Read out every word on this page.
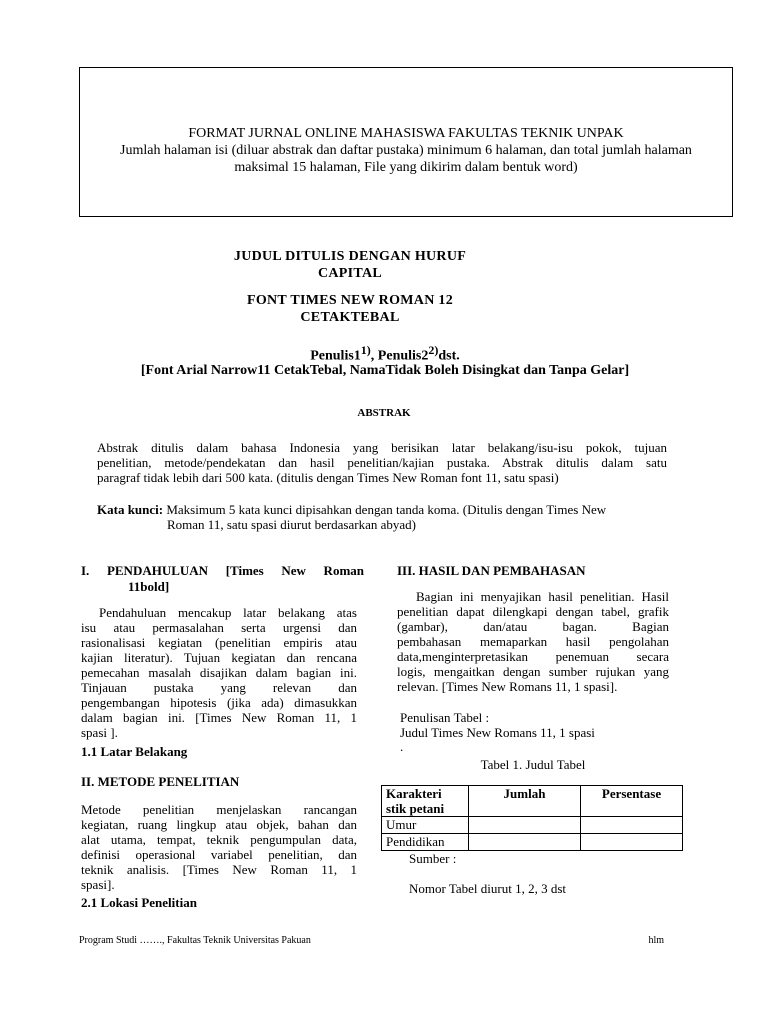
FORMAT JURNAL ONLINE MAHASISWA FAKULTAS TEKNIK UNPAK
Jumlah halaman isi (diluar abstrak dan daftar pustaka) minimum 6 halaman, dan total jumlah halaman
maksimal 15 halaman, File yang dikirim dalam bentuk word)
JUDUL DITULIS DENGAN HURUF
CAPITAL
FONT TIMES NEW ROMAN 12
CETAKTEBAL
Penulis1$^{1)}$, Penulis2$^{2)}$dst.
[Font Arial Narrow11 CetakTebal, NamaTidak Boleh Disingkat dan Tanpa Gelar]
ABSTRAK
Abstrak ditulis dalam bahasa Indonesia yang berisikan latar belakang/isu-isu pokok, tujuan
penelitian, metode/pendekatan dan hasil penelitian/kajian pustaka. Abstrak ditulis dalam satu
paragraf tidak lebih dari 500 kata. (ditulis dengan Times New Roman font 11, satu spasi)
Kata kunci: Maksimum 5 kata kunci dipisahkan dengan tanda koma. (Ditulis dengan Times New
Roman 11, satu spasi diurut berdasarkan abyad)
I. PENDAHULUAN [Times New Roman
11bold]
Pendahuluan mencakup latar belakang atas
isu atau permasalahan serta urgensi dan
rasionalisasi kegiatan (penelitian empiris atau
kajian literatur). Tujuan kegiatan dan rencana
pemecahan masalah disajikan dalam bagian ini.
Tinjauan pustaka yang relevan dan
pengembangan hipotesis (jika ada) dimasukkan
dalam bagian ini. [Times New Roman 11, 1
spasi ].
1.1 Latar Belakang
II. METODE PENELITIAN
Metode penelitian menjelaskan rancangan
kegiatan, ruang lingkup atau objek, bahan dan
alat utama, tempat, teknik pengumpulan data,
definisi operasional variabel penelitian, dan
teknik analisis. [Times New Roman 11, 1
spasi].
2.1 Lokasi Penelitian
III. HASIL DAN PEMBAHASAN
Bagian ini menyajikan hasil penelitian. Hasil
penelitian dapat dilengkapi dengan tabel, grafik
(gambar), dan/atau bagan. Bagian
pembahasan memaparkan hasil pengolahan
data,menginterpretasikan penemuan secara
logis, mengaitkan dengan sumber rujukan yang
relevan. [Times New Romans 11, 1 spasi].
Penulisan Tabel :
Judul Times New Romans 11, 1 spasi
.
Tabel 1. Judul Tabel
Karakteri
stik petani	Jumlah	Persentase
Umur		
Pendidikan		
Sumber :
Nomor Tabel diurut 1, 2, 3 dst
Program Studi ……., Fakultas Teknik Universitas Pakuan	hlm
